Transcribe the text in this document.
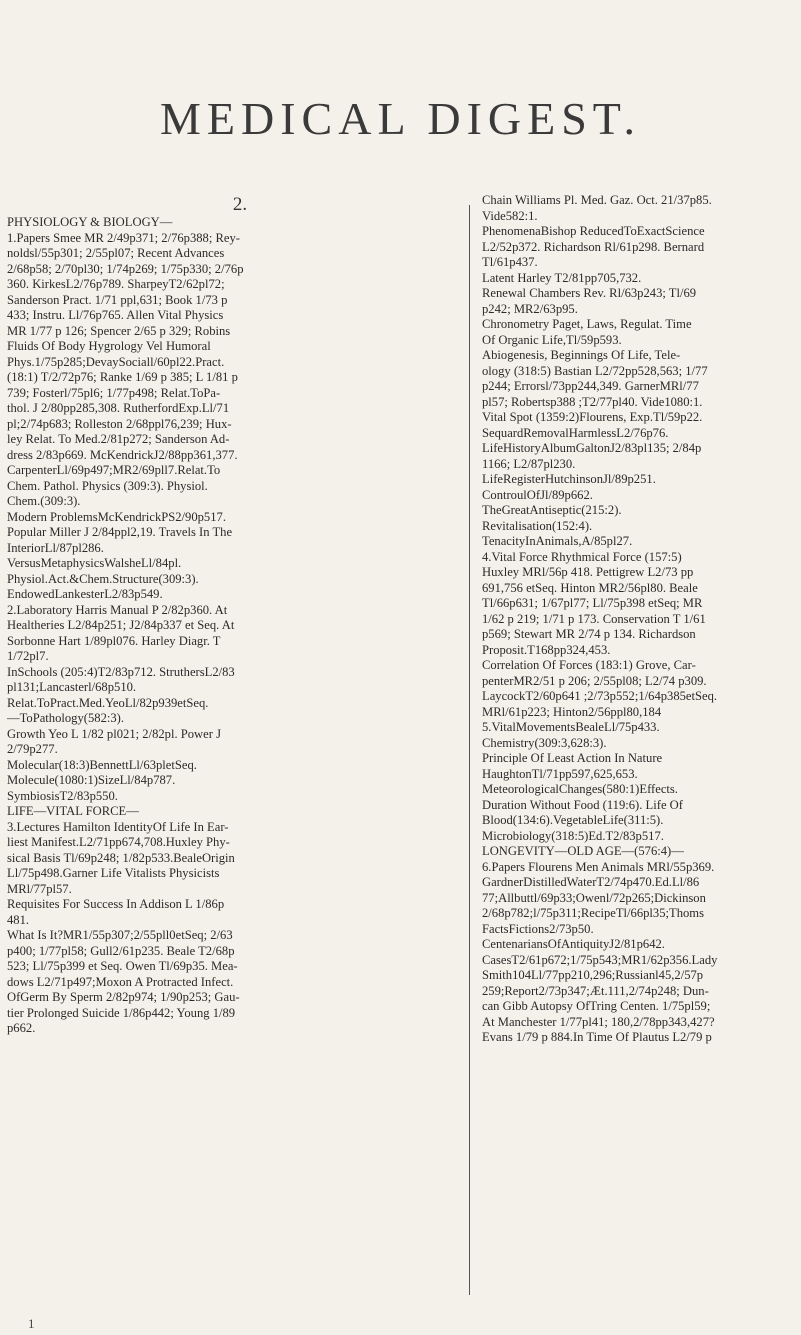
MEDICAL DIGEST.
2.
PHYSIOLOGY & BIOLOGY—
1.Papers Smee MR 2/49p371; 2/76p388; Rey-
noldsl/55p301; 2/55pl07; Recent Advances
2/68p58; 2/70pl30; 1/74p269; 1/75p330; 2/76p
360. KirkesL2/76p789. SharpeyT2/62pl72;
Sanderson Pract. 1/71 ppl,631; Book 1/73 p
433; Instru. Ll/76p765. Allen Vital Physics
MR 1/77 p 126; Spencer 2/65 p 329; Robins
Fluids Of Body Hygrology Vel Humoral
Phys.1/75p285;DevaySociall/60pl22.Pract.
(18:1) T/2/72p76; Ranke 1/69 p 385; L 1/81 p
739; Fosterl/75pl6; 1/77p498; Relat.ToPa-
thol. J 2/80pp285,308. RutherfordExp.Ll/71
pl;2/74p683; Rolleston 2/68ppl76,239; Hux-
ley Relat. To Med.2/81p272; Sanderson Ad-
dress 2/83p669. McKendrickJ2/88pp361,377.
CarpenterLl/69p497;MR2/69pll7.Relat.To
Chem. Pathol. Physics (309:3). Physiol.
Chem.(309:3).
Modern ProblemsMcKendrickPS2/90p517.
Popular Miller J 2/84ppl2,19. Travels In The
InteriorLl/87pl286.
VersusMetaphysicsWalsheLl/84pl.
Physiol.Act.&Chem.Structure(309:3).
EndowedLankesterL2/83p549.
2.Laboratory Harris Manual P 2/82p360. At
Healtheries L2/84p251; J2/84p337 et Seq. At
Sorbonne Hart 1/89pl076. Harley Diagr. T
1/72pl7.
InSchools (205:4)T2/83p712. StruthersL2/83
pl131;Lancasterl/68p510.
Relat.ToPract.Med.YeoLl/82p939etSeq.
—ToPathology(582:3).
Growth Yeo L 1/82 pl021; 2/82pl. Power J
2/79p277.
Molecular(18:3)BennettLl/63pletSeq.
Molecule(1080:1)SizeLl/84p787.
SymbiosisT2/83p550.
LIFE—VITAL FORCE—
3.Lectures Hamilton IdentityOf Life In Ear-
liest Manifest.L2/71pp674,708.Huxley Phy-
sical Basis Tl/69p248; 1/82p533.BealeOrigin
Ll/75p498.Garner Life Vitalists Physicists
MRl/77pl57.
Requisites For Success In Addison L 1/86p
481.
What Is It?MR1/55p307;2/55pll0etSeq; 2/63
p400; 1/77pl58; Gull2/61p235. Beale T2/68p
523; Ll/75p399 et Seq. Owen Tl/69p35. Mea-
dows L2/71p497;Moxon A Protracted Infect.
OfGerm By Sperm 2/82p974; 1/90p253; Gau-
tier Prolonged Suicide 1/86p442; Young 1/89
p662.
Chain Williams Pl. Med. Gaz. Oct. 21/37p85.
Vide582:1.
PhenomenaBishop ReducedToExactScience
L2/52p372. Richardson Rl/61p298. Bernard
Tl/61p437.
Latent Harley T2/81pp705,732.
Renewal Chambers Rev. Rl/63p243; Tl/69
p242; MR2/63p95.
Chronometry Paget, Laws, Regulat. Time
Of Organic Life,Tl/59p593.
Abiogenesis, Beginnings Of Life, Tele-
ology (318:5) Bastian L2/72pp528,563; 1/77
p244; Errorsl/73pp244,349. GarnerMRl/77
pl57; Robertsp388 ;T2/77pl40. Vide1080:1.
Vital Spot (1359:2)Flourens, Exp.Tl/59p22.
SequardRemovalHarmlessL2/76p76.
LifeHistoryAlbumGaltonJ2/83pl135; 2/84p
1166; L2/87pl230.
LifeRegisterHutchinsonJl/89p251.
ControulOfJl/89p662.
TheGreatAntiseptic(215:2).
Revitalisation(152:4).
TenacityInAnimals,A/85pl27.
4.Vital Force Rhythmical Force (157:5)
Huxley MRl/56p 418. Pettigrew L2/73 pp
691,756 etSeq. Hinton MR2/56pl80. Beale
Tl/66p631; 1/67pl77; Ll/75p398 etSeq; MR
1/62 p 219; 1/71 p 173. Conservation T 1/61
p569; Stewart MR 2/74 p 134. Richardson
Proposit.T168pp324,453.
Correlation Of Forces (183:1) Grove, Car-
penterMR2/51 p 206; 2/55pl08; L2/74 p309.
LaycockT2/60p641 ;2/73p552;1/64p385etSeq.
MRl/61p223; Hinton2/56ppl80,184
5.VitalMovementsBealeLl/75p433.
Chemistry(309:3,628:3).
Principle Of Least Action In Nature
HaughtonTl/71pp597,625,653.
MeteorologicalChanges(580:1)Effects.
Duration Without Food (119:6). Life Of
Blood(134:6).VegetableLife(311:5).
Microbiology(318:5)Ed.T2/83p517.
LONGEVITY—OLD AGE—(576:4)—
6.Papers Flourens Men Animals MRl/55p369.
GardnerDistilledWaterT2/74p470.Ed.Ll/86
77;Allbuttl/69p33;Owenl/72p265;Dickinson
2/68p782;l/75p311;RecipeTl/66pl35;Thoms
FactsFictions2/73p50.
CentenariansOfAntiquityJ2/81p642.
CasesT2/61p672;1/75p543;MR1/62p356.Lady
Smith104Ll/77pp210,296;Russianl45,2/57p
259;Report2/73p347;Æt.111,2/74p248; Dun-
can Gibb Autopsy OfTring Centen. 1/75pl59;
At Manchester 1/77pl41; 180,2/78pp343,427?
Evans 1/79 p 884.In Time Of Plautus L2/79 p
1
